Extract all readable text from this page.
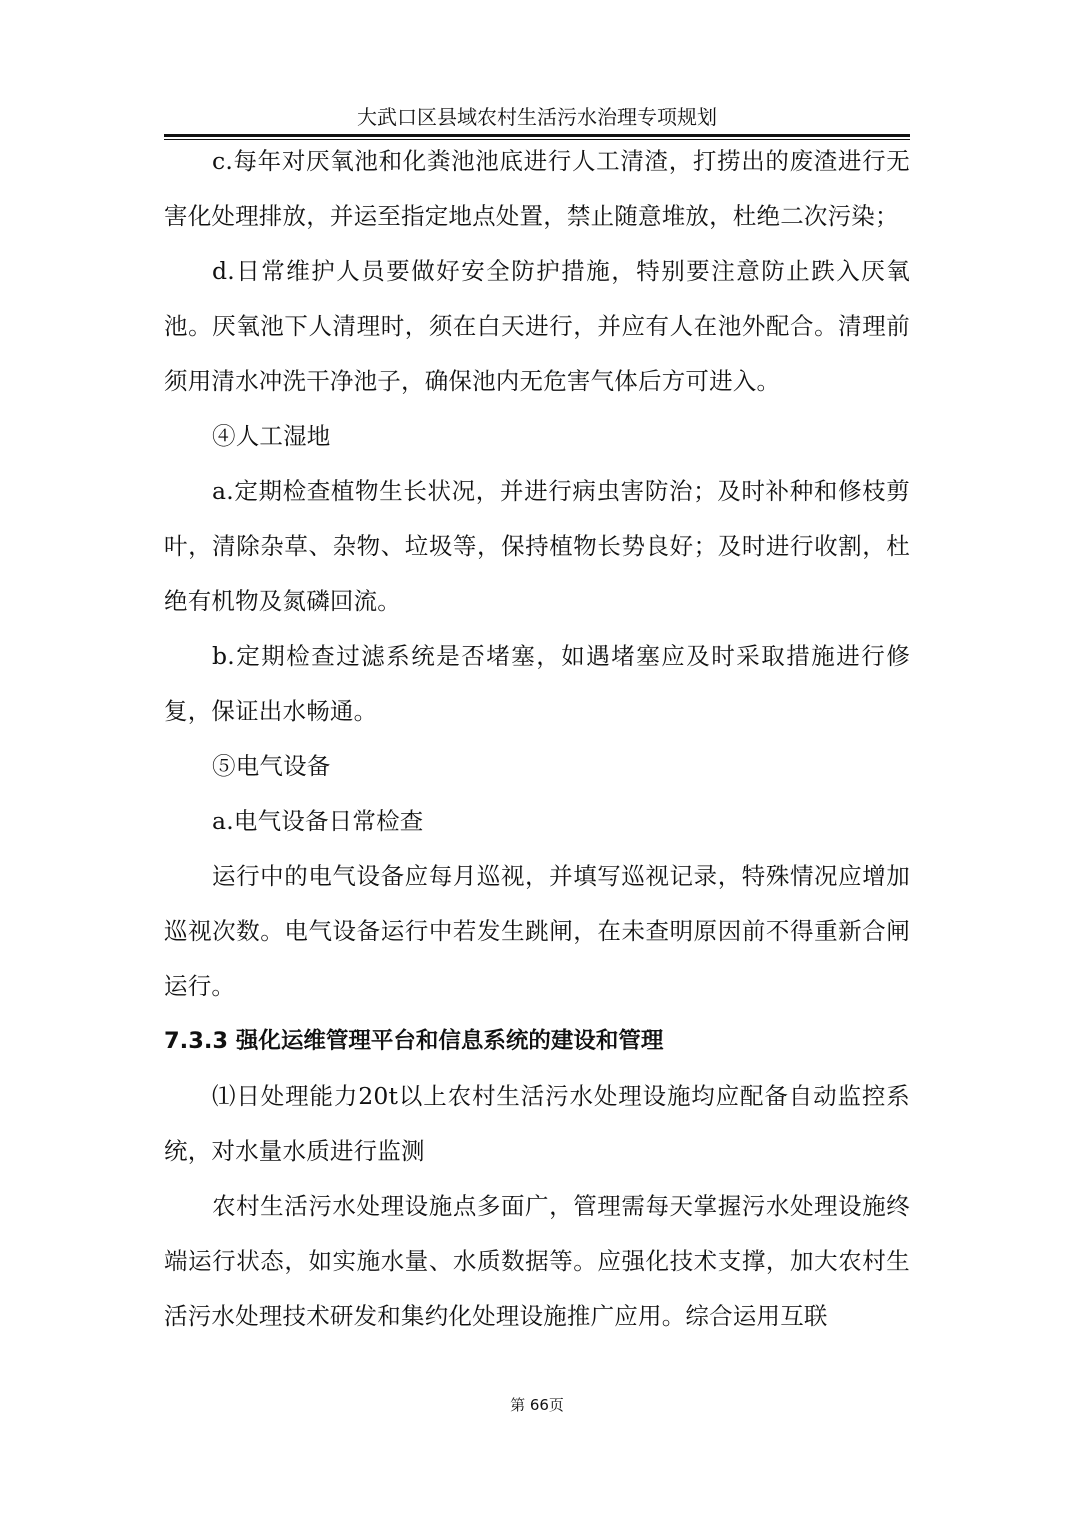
大武口区县域农村生活污水治理专项规划

c.每年对厌氧池和化粪池池底进行人工清渣，打捞出的废渣进行无害化处理排放，并运至指定地点处置，禁止随意堆放，杜绝二次污染；

d.日常维护人员要做好安全防护措施，特别要注意防止跌入厌氧池。厌氧池下人清理时，须在白天进行，并应有人在池外配合。清理前须用清水冲洗干净池子，确保池内无危害气体后方可进入。

④人工湿地

a.定期检查植物生长状况，并进行病虫害防治；及时补种和修枝剪叶，清除杂草、杂物、垃圾等，保持植物长势良好；及时进行收割，杜绝有机物及氮磷回流。

b.定期检查过滤系统是否堵塞，如遇堵塞应及时采取措施进行修复，保证出水畅通。

⑤电气设备

a.电气设备日常检查

运行中的电气设备应每月巡视，并填写巡视记录，特殊情况应增加巡视次数。电气设备运行中若发生跳闸，在未查明原因前不得重新合闸运行。

7.3.3 强化运维管理平台和信息系统的建设和管理

⑴日处理能力20t以上农村生活污水处理设施均应配备自动监控系统，对水量水质进行监测

农村生活污水处理设施点多面广，管理需每天掌握污水处理设施终端运行状态，如实施水量、水质数据等。应强化技术支撑，加大农村生活污水处理技术研发和集约化处理设施推广应用。综合运用互联

第 66页
